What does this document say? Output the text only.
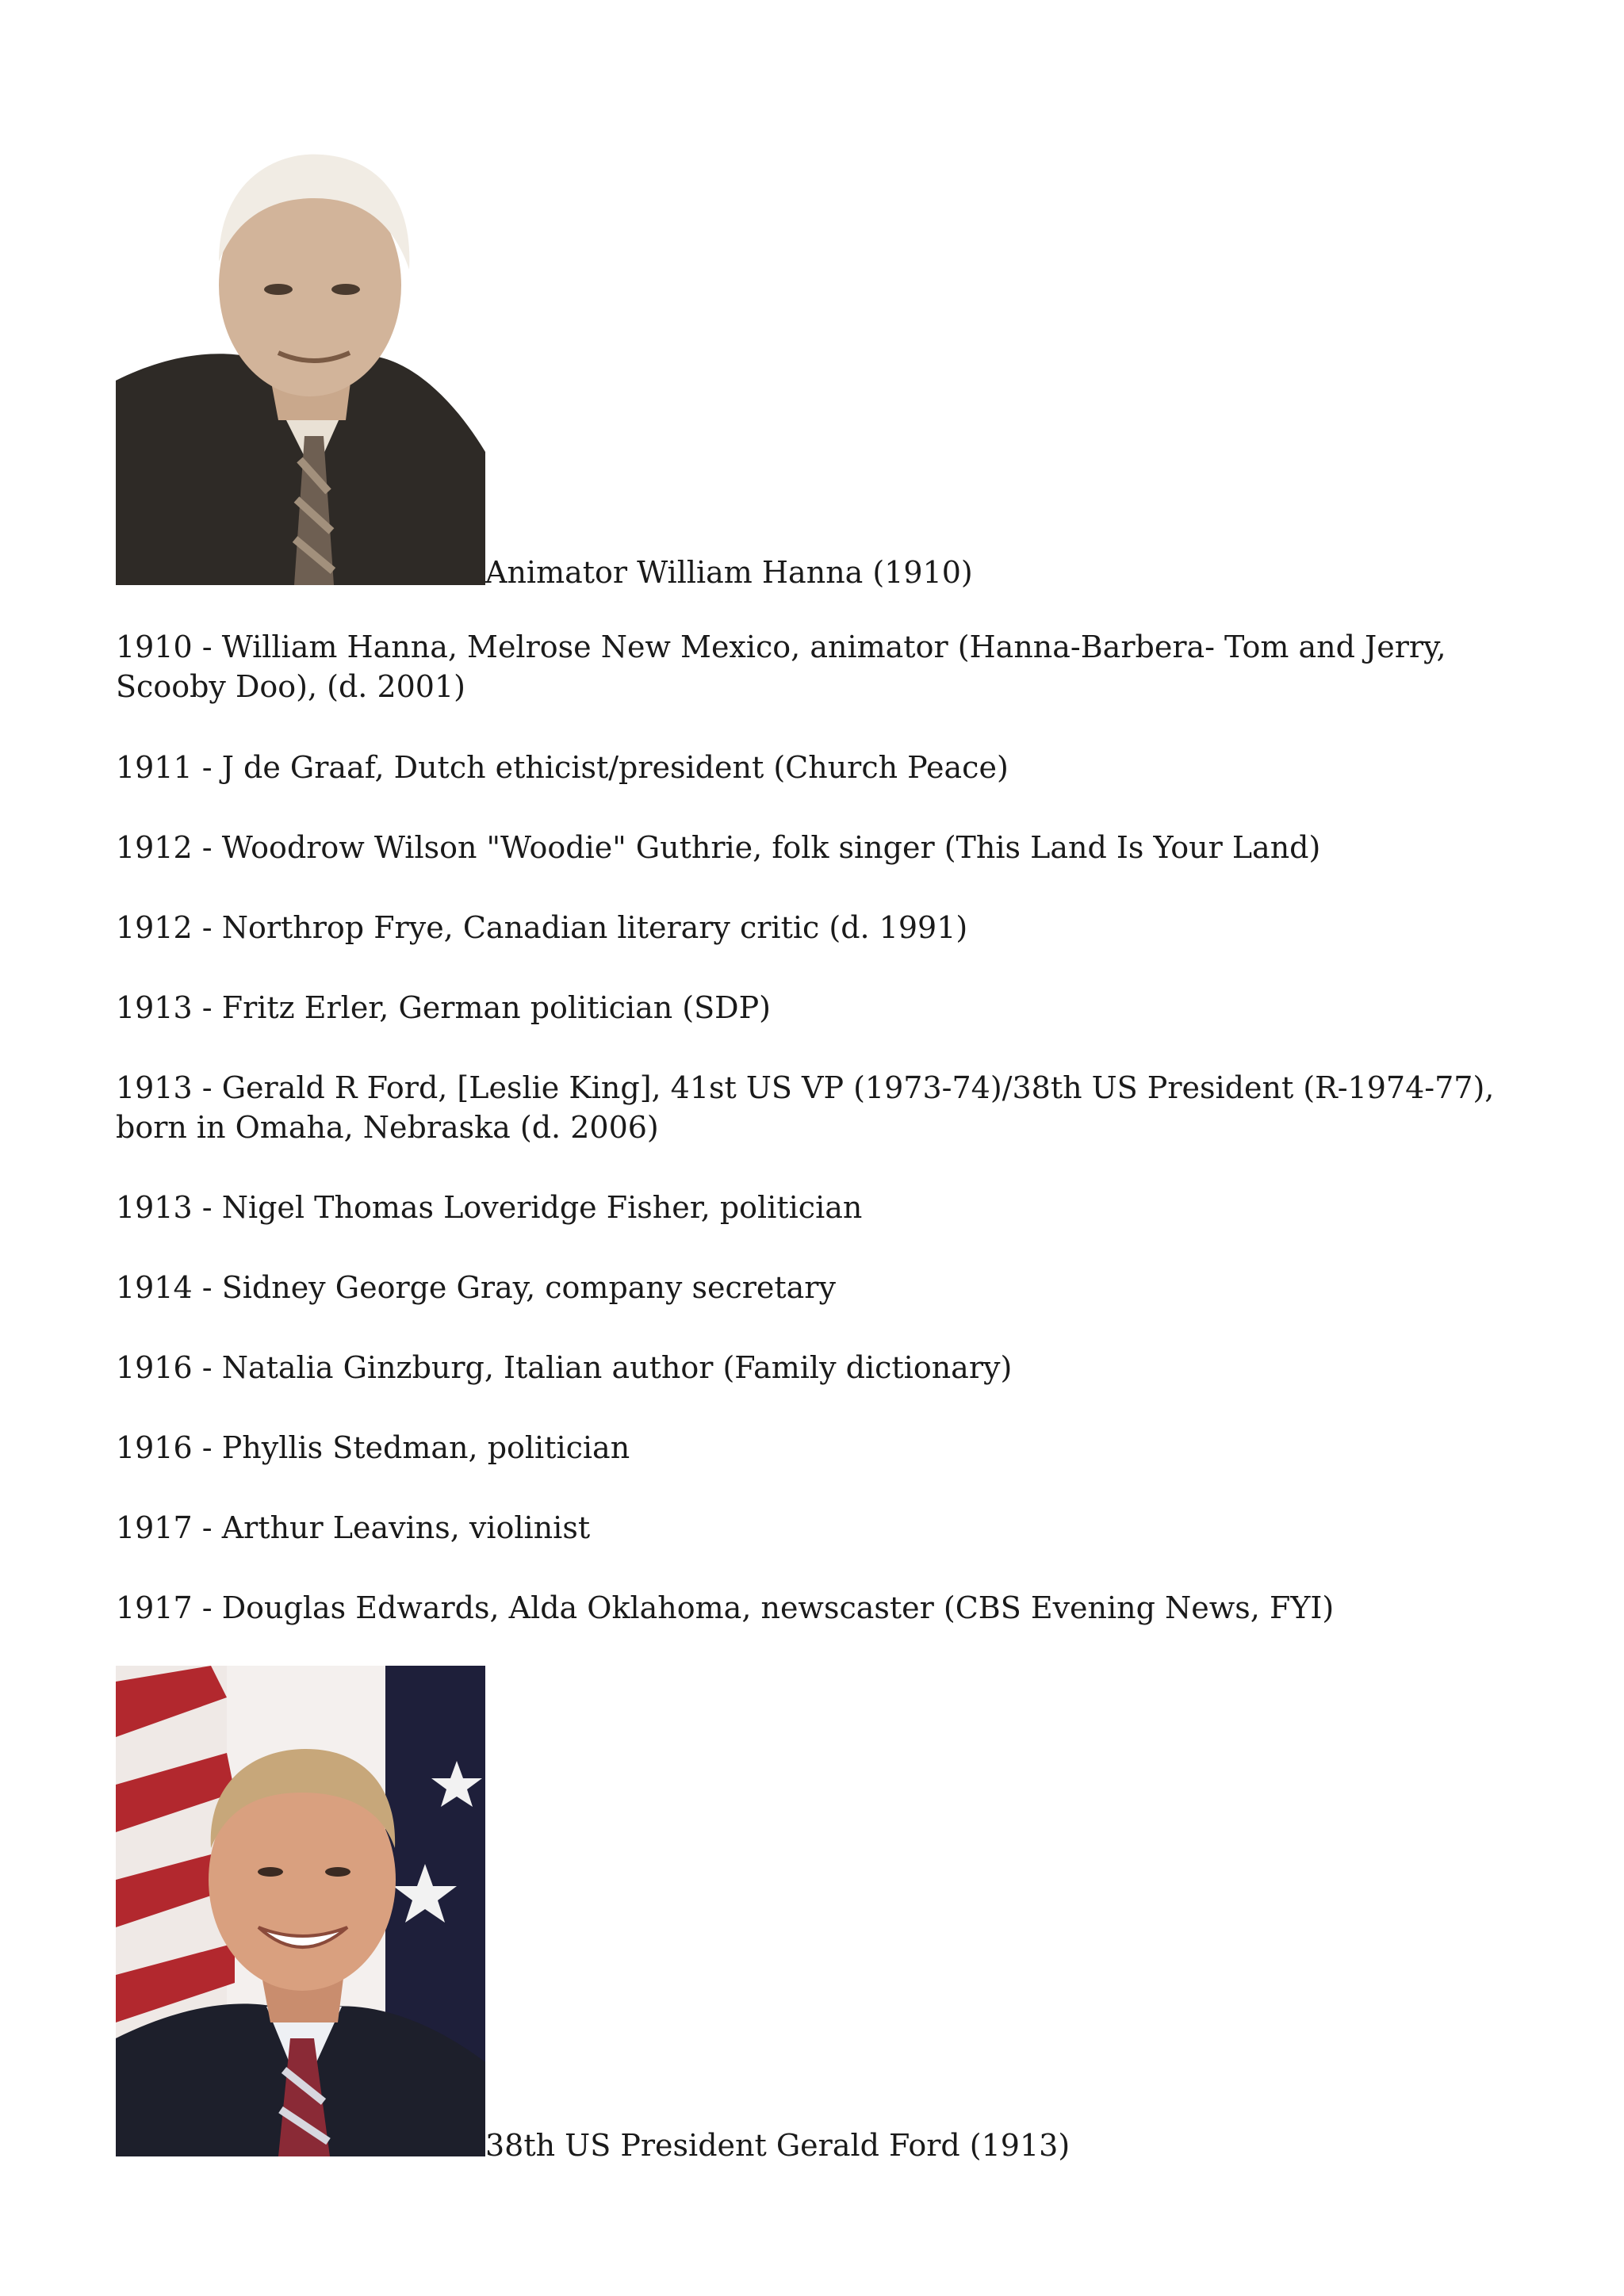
Animator William Hanna (1910)
1910 - William Hanna, Melrose New Mexico, animator (Hanna-Barbera- Tom and Jerry, Scooby Doo), (d. 2001)
1911 - J de Graaf, Dutch ethicist/president (Church Peace)
1912 - Woodrow Wilson "Woodie" Guthrie, folk singer (This Land Is Your Land)
1912 - Northrop Frye, Canadian literary critic (d. 1991)
1913 - Fritz Erler, German politician (SDP)
1913 - Gerald R Ford, [Leslie King], 41st US VP (1973-74)/38th US President (R-1974-77), born in Omaha, Nebraska (d. 2006)
1913 - Nigel Thomas Loveridge Fisher, politician
1914 - Sidney George Gray, company secretary
1916 - Natalia Ginzburg, Italian author (Family dictionary)
1916 - Phyllis Stedman, politician
1917 - Arthur Leavins, violinist
1917 - Douglas Edwards, Alda Oklahoma, newscaster (CBS Evening News, FYI)
38th US President Gerald Ford (1913)
